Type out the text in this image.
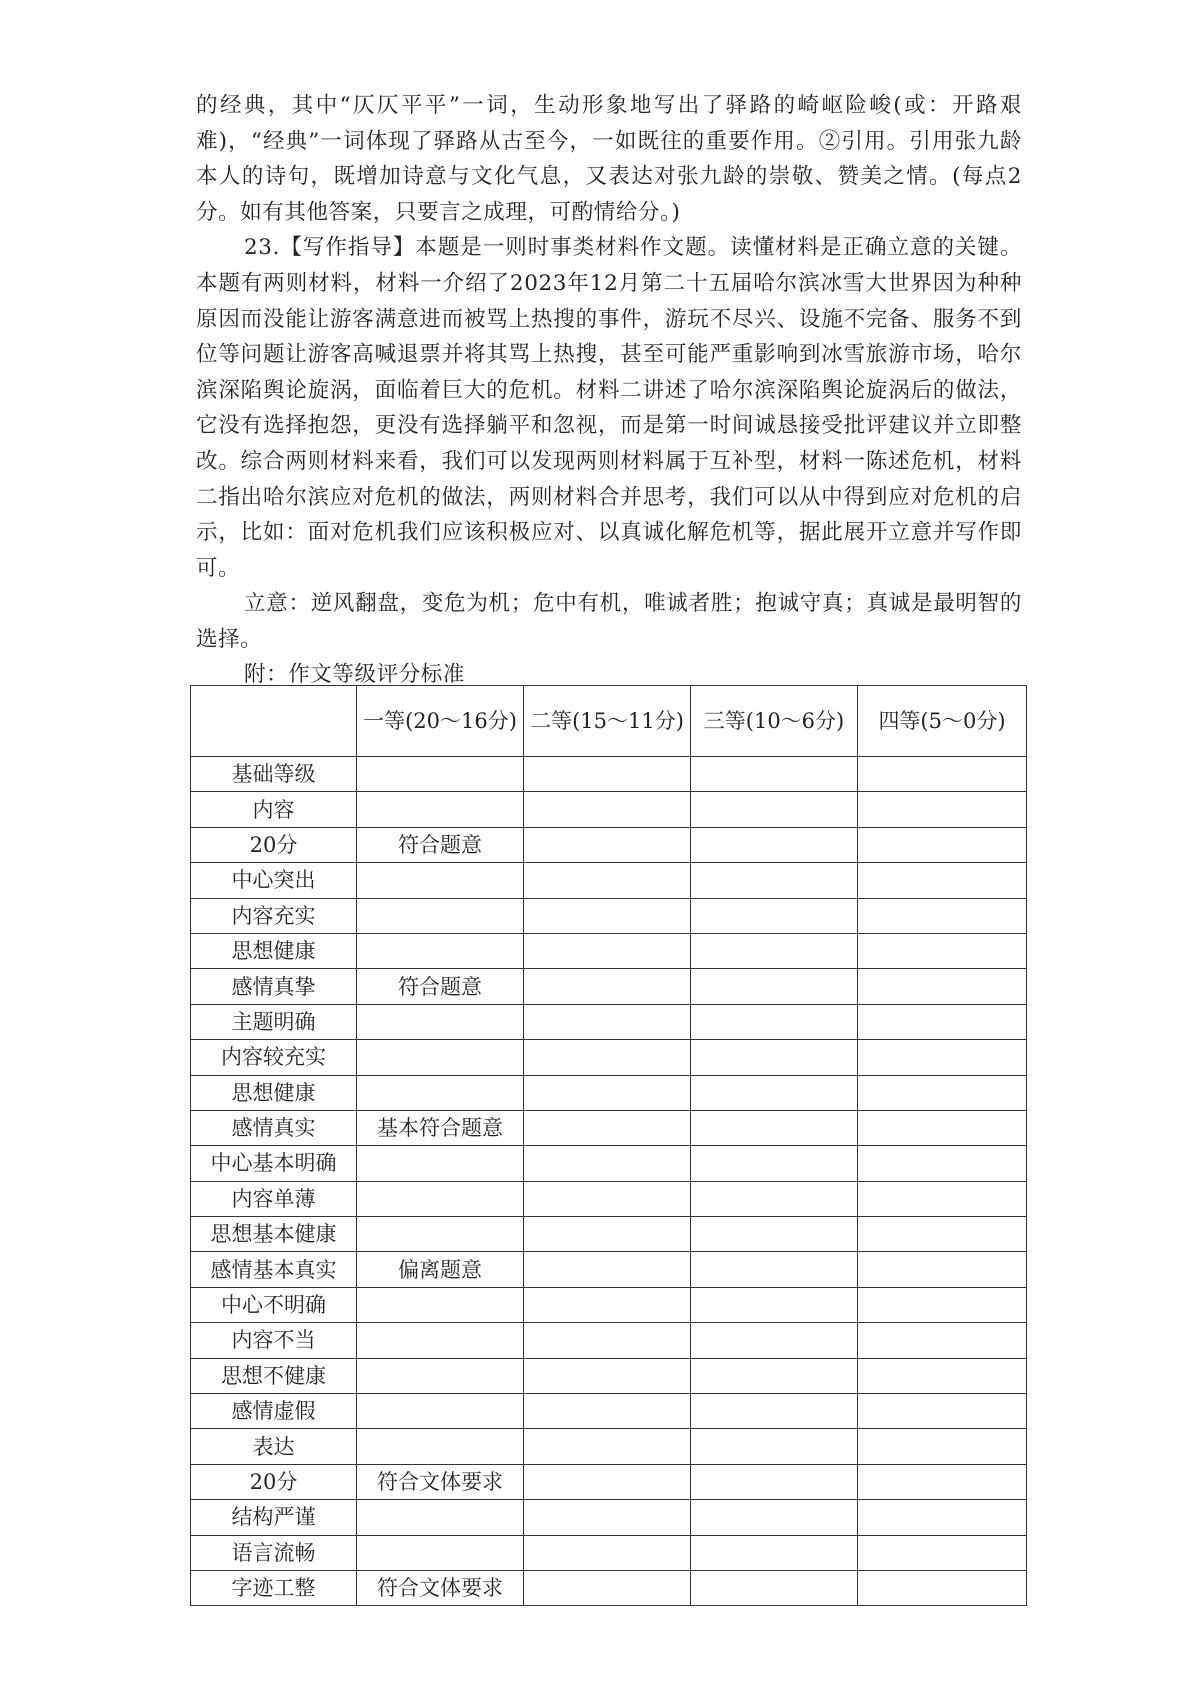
的经典，其中“仄仄平平”一词，生动形象地写出了驿路的崎岖险峻(或：开路艰难)，“经典”一词体现了驿路从古至今，一如既往的重要作用。②引用。引用张九龄本人的诗句，既增加诗意与文化气息，又表达对张九龄的崇敬、赞美之情。(每点2分。如有其他答案，只要言之成理，可酌情给分。)

23.【写作指导】本题是一则时事类材料作文题。读懂材料是正确立意的关键。本题有两则材料，材料一介绍了2023年12月第二十五届哈尔滨冰雪大世界因为种种原因而没能让游客满意进而被骂上热搜的事件，游玩不尽兴、设施不完备、服务不到位等问题让游客高喊退票并将其骂上热搜，甚至可能严重影响到冰雪旅游市场，哈尔滨深陷舆论旋涡，面临着巨大的危机。材料二讲述了哈尔滨深陷舆论旋涡后的做法，它没有选择抱怨，更没有选择躺平和忽视，而是第一时间诚恳接受批评建议并立即整改。综合两则材料来看，我们可以发现两则材料属于互补型，材料一陈述危机，材料二指出哈尔滨应对危机的做法，两则材料合并思考，我们可以从中得到应对危机的启示，比如：面对危机我们应该积极应对、以真诚化解危机等，据此展开立意并写作即可。

立意：逆风翻盘，变危为机；危中有机，唯诚者胜；抱诚守真；真诚是最明智的选择。

附：作文等级评分标准

	一等(20～16分)	二等(15～11分)	三等(10～6分)	四等(5～0分)
基础等级				
内容				
20分	符合题意			
中心突出				
内容充实				
思想健康				
感情真挚	符合题意			
主题明确				
内容较充实				
思想健康				
感情真实	基本符合题意			
中心基本明确				
内容单薄				
思想基本健康				
感情基本真实	偏离题意			
中心不明确				
内容不当				
思想不健康				
感情虚假				
表达				
20分	符合文体要求			
结构严谨				
语言流畅				
字迹工整	符合文体要求			
